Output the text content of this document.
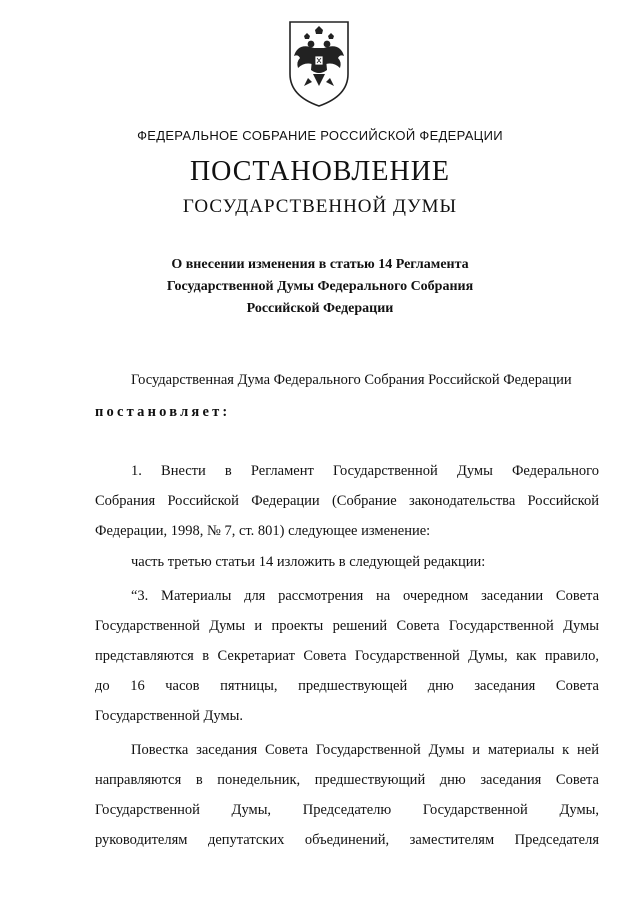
ФЕДЕРАЛЬНОЕ СОБРАНИЕ РОССИЙСКОЙ ФЕДЕРАЦИИ
ПОСТАНОВЛЕНИЕ
ГОСУДАРСТВЕННОЙ ДУМЫ
О внесении изменения в статью 14 Регламента
Государственной Думы Федерального Собрания
Российской Федерации

Государственная Дума Федерального Собрания Российской Федерации

постановляет:

1. Внести в Регламент Государственной Думы Федерального

Собрания Российской Федерации (Собрание законодательства Российской

Федерации, 1998, № 7, ст. 801) следующее изменение:

часть третью статьи 14 изложить в следующей редакции:

“3. Материалы для рассмотрения на очередном заседании Совета

Государственной Думы и проекты решений Совета Государственной Думы

представляются в Секретариат Совета Государственной Думы, как правило,

до 16 часов пятницы, предшествующей дню заседания Совета

Государственной Думы.

Повестка заседания Совета Государственной Думы и материалы к ней

направляются в понедельник, предшествующий дню заседания Совета

Государственной Думы, Председателю Государственной Думы,

руководителям депутатских объединений, заместителям Председателя
